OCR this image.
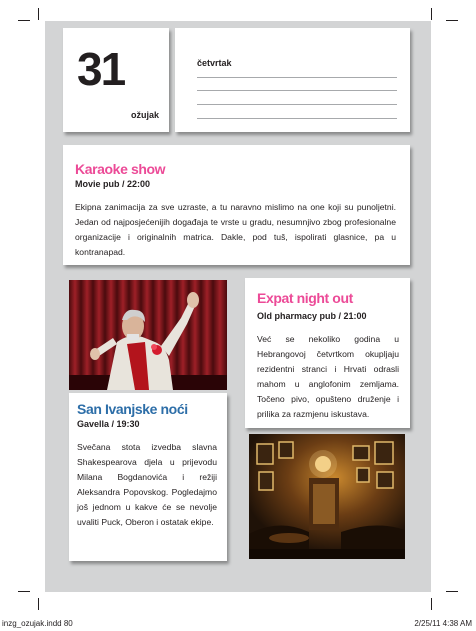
31
ožujak
četvrtak
Karaoke show
Movie pub / 22:00
Ekipna zanimacija za sve uzraste, a tu naravno mislimo na one koji su punoljetni. Jedan od najposjećenijih događaja te vrste u gradu, nesumnjivo zbog profesionalne organizacije i originalnih matrica. Dakle, pod tuš, ispolirati glasnice, pa u kontranapad.
Expat night out
Old pharmacy pub / 21:00
Već se nekoliko godina u Hebrangovoj četvrtkom okupljaju rezidentni stranci i Hrvati odrasli mahom u anglofonim zemljama. Točeno pivo, opušteno druženje i prilika za razmjenu iskustava.
San Ivanjske noći
Gavella / 19:30
Svečana stota izvedba slavna Shakespearova djela u prijevodu Milana Bogdanovića i režiji Aleksandra Popovskog. Pogledajmo još jednom u kakve će se nevolje uvaliti Puck, Oberon i ostatak ekipe.
inzg_ozujak.indd 80	2/25/11 4:38 AM
